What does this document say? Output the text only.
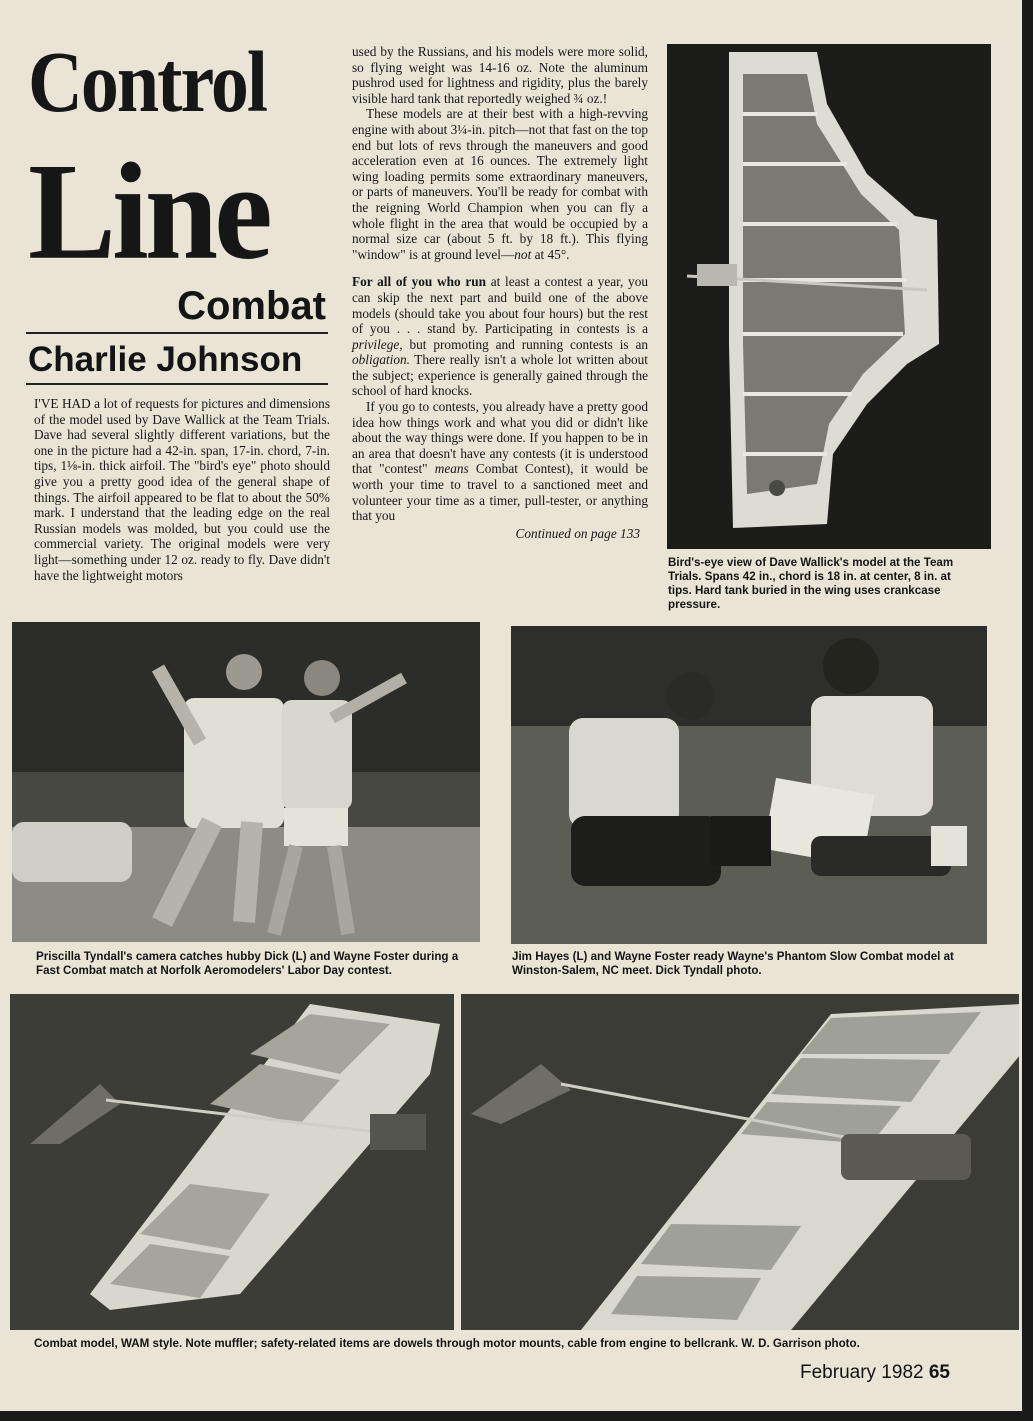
Control
Line
Combat
Charlie Johnson

I'VE HAD a lot of requests for pictures and dimensions of the model used by Dave Wallick at the Team Trials. Dave had several slightly different variations, but the one in the picture had a 42-in. span, 17-in. chord, 7-in. tips, 1⅛-in. thick airfoil. The "bird's eye" photo should give you a pretty good idea of the general shape of things. The airfoil appeared to be flat to about the 50% mark. I understand that the leading edge on the real Russian models was molded, but you could use the commercial variety. The original models were very light—something under 12 oz. ready to fly. Dave didn't have the lightweight motors

used by the Russians, and his models were more solid, so flying weight was 14-16 oz. Note the aluminum pushrod used for lightness and rigidity, plus the barely visible hard tank that reportedly weighed ¾ oz.!

These models are at their best with a high-revving engine with about 3¼-in. pitch—not that fast on the top end but lots of revs through the maneuvers and good acceleration even at 16 ounces. The extremely light wing loading permits some extraordinary maneuvers, or parts of maneuvers. You'll be ready for combat with the reigning World Champion when you can fly a whole flight in the area that would be occupied by a normal size car (about 5 ft. by 18 ft.). This flying "window" is at ground level—not at 45°.

For all of you who run at least a contest a year, you can skip the next part and build one of the above models (should take you about four hours) but the rest of you . . . stand by. Participating in contests is a privilege, but promoting and running contests is an obligation. There really isn't a whole lot written about the subject; experience is generally gained through the school of hard knocks.

If you go to contests, you already have a pretty good idea how things work and what you did or didn't like about the way things were done. If you happen to be in an area that doesn't have any contests (it is understood that "contest" means Combat Contest), it would be worth your time to travel to a sanctioned meet and volunteer your time as a timer, pull-tester, or anything that you

Continued on page 133

Bird's-eye view of Dave Wallick's model at the Team Trials. Spans 42 in., chord is 18 in. at center, 8 in. at tips. Hard tank buried in the wing uses crankcase pressure.
Priscilla Tyndall's camera catches hubby Dick (L) and Wayne Foster during a Fast Combat match at Norfolk Aeromodelers' Labor Day contest.
Jim Hayes (L) and Wayne Foster ready Wayne's Phantom Slow Combat model at Winston-Salem, NC meet. Dick Tyndall photo.
Combat model, WAM style. Note muffler; safety-related items are dowels through motor mounts, cable from engine to bellcrank. W. D. Garrison photo.
February 1982 65
